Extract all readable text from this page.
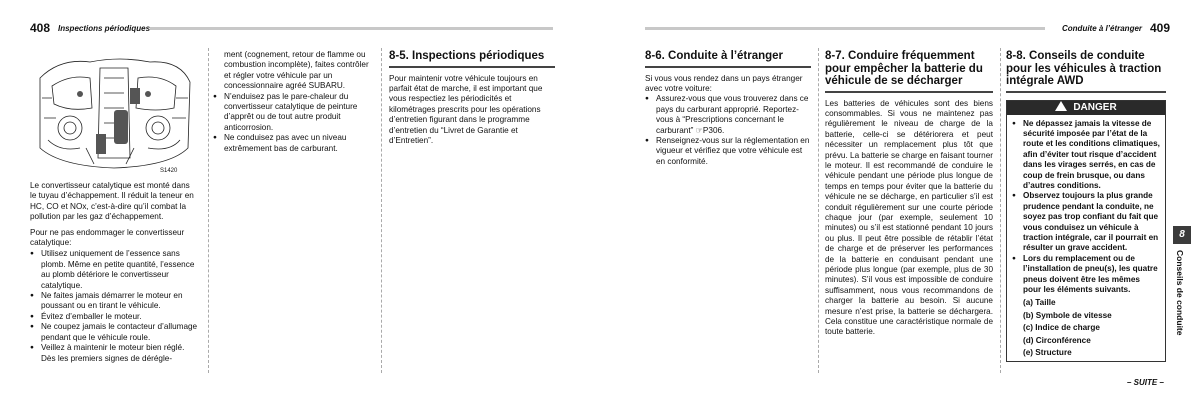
408 Inspections périodiques	Conduite à l’étranger 409
S1420
Le convertisseur catalytique est monté dans le tuyau d’échappement. Il réduit la teneur en HC, CO et NOx, c’est-à-dire qu’il combat la pollution par les gaz d’échappement.
Pour ne pas endommager le convertisseur catalytique:
● Utilisez uniquement de l’essence sans plomb. Même en petite quantité, l’essence au plomb détériore le convertisseur catalytique.
● Ne faites jamais démarrer le moteur en poussant ou en tirant le véhicule.
● Évitez d’emballer le moteur.
● Ne coupez jamais le contacteur d’allumage pendant que le véhicule roule.
● Veillez à maintenir le moteur bien réglé. Dès les premiers signes de dérégle-
ment (cognement, retour de flamme ou combustion incomplète), faites contrôler et régler votre véhicule par un concessionnaire agréé SUBARU.
● N’enduisez pas le pare-chaleur du convertisseur catalytique de peinture d’apprêt ou de tout autre produit anticorrosion.
● Ne conduisez pas avec un niveau extrêmement bas de carburant.
8-5. Inspections périodiques
Pour maintenir votre véhicule toujours en parfait état de marche, il est important que vous respectiez les périodicités et kilométrages prescrits pour les opérations d’entretien figurant dans le programme d’entretien du “Livret de Garantie et d’Entretien”.
8-6. Conduite à l’étranger
Si vous vous rendez dans un pays étranger avec votre voiture:
● Assurez-vous que vous trouverez dans ce pays du carburant approprié. Reportez-vous à “Prescriptions concernant le carburant” ☞P306.
● Renseignez-vous sur la réglementation en vigueur et vérifiez que votre véhicule est en conformité.
8-7. Conduire fréquemment pour empêcher la batterie du véhicule de se décharger
Les batteries de véhicules sont des biens consommables. Si vous ne maintenez pas régulièrement le niveau de charge de la batterie, celle-ci se détériorera et peut nécessiter un remplacement plus tôt que prévu. La batterie se charge en faisant tourner le moteur. Il est recommandé de conduire le véhicule pendant une période plus longue de temps en temps pour éviter que la batterie du véhicule ne se décharge, en particulier s’il est conduit régulièrement sur une courte période chaque jour (par exemple, seulement 10 minutes) ou s’il est stationné pendant 10 jours ou plus. Il peut être possible de rétablir l’état de charge et de préserver les performances de la batterie en conduisant pendant une période plus longue (par exemple, plus de 30 minutes). S’il vous est impossible de conduire suffisamment, nous vous recommandons de charger la batterie au besoin. Si aucune mesure n’est prise, la batterie se déchargera. Cela constitue une caractéristique normale de toute batterie.
8-8. Conseils de conduite pour les véhicules à traction intégrale AWD
DANGER
● Ne dépassez jamais la vitesse de sécurité imposée par l’état de la route et les conditions climatiques, afin d’éviter tout risque d’accident dans les virages serrés, en cas de coup de frein brusque, ou dans d’autres conditions.
● Observez toujours la plus grande prudence pendant la conduite, ne soyez pas trop confiant du fait que vous conduisez un véhicule à traction intégrale, car il pourrait en résulter un grave accident.
● Lors du remplacement ou de l’installation de pneu(s), les quatre pneus doivent être les mêmes pour les éléments suivants.
(a) Taille
(b) Symbole de vitesse
(c) Indice de charge
(d) Circonférence
(e) Structure
8
Conseils de conduite
– SUITE –
